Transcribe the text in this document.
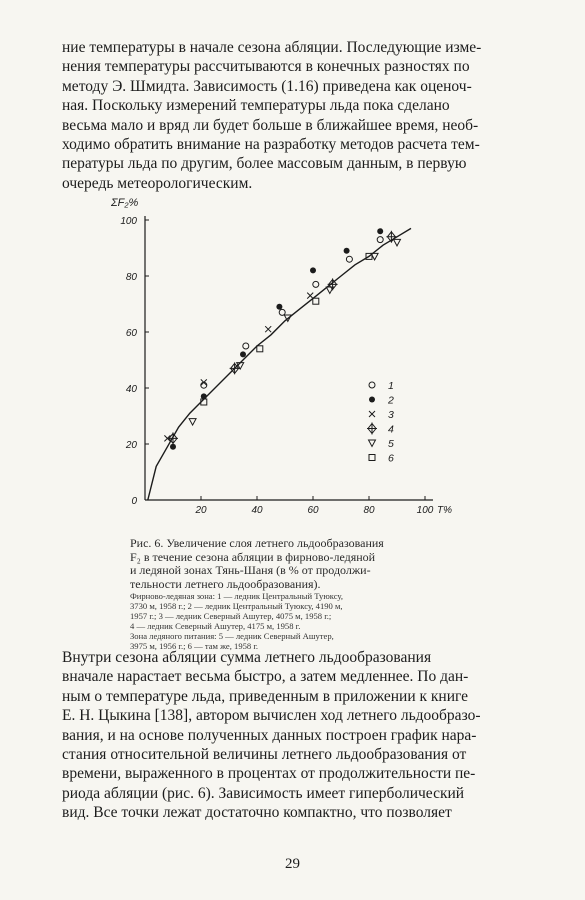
ние температуры в начале сезона абляции. Последующие изме-
нения температуры рассчитываются в конечных разностях по
методу Э. Шмидта. Зависимость (1.16) приведена как оценоч-
ная. Поскольку измерений температуры льда пока сделано
весьма мало и вряд ли будет больше в ближайшее время, необ-
ходимо обратить внимание на разработку методов расчета тем-
пературы льда по другим, более массовым данным, в первую
очередь метеорологическим.
20	40	60	80	100
20
40
60
80
100
0
ΣF₂%
T%
1
2
3
4
5
6

Рис. 6. Увеличение слоя летнего льдообразования
F₂ в течение сезона абляции в фирново-ледяной
и ледяной зонах Тянь-Шаня (в % от продолжи-
тельности летнего льдообразования).

Фирново-ледяная зона: 1 — ледник Центральный Туюксу,
3730 м, 1958 г.; 2 — ледник Центральный Туюксу, 4190 м,
1957 г.; 3 — ледник Северный Ашутер, 4075 м, 1958 г.;
4 — ледник Северный Ашутер, 4175 м, 1958 г.
Зона ледяного питания: 5 — ледник Северный Ашутер,
3975 м, 1956 г.; 6 — там же, 1958 г.

Внутри сезона абляции сумма летнего льдообразования
вначале нарастает весьма быстро, а затем медленнее. По дан-
ным о температуре льда, приведенным в приложении к книге
Е. Н. Цыкина [138], автором вычислен ход летнего льдообразо-
вания, и на основе полученных данных построен график нара-
стания относительной величины летнего льдообразования от
времени, выраженного в процентах от продолжительности пе-
риода абляции (рис. 6). Зависимость имеет гиперболический
вид. Все точки лежат достаточно компактно, что позволяет
29
